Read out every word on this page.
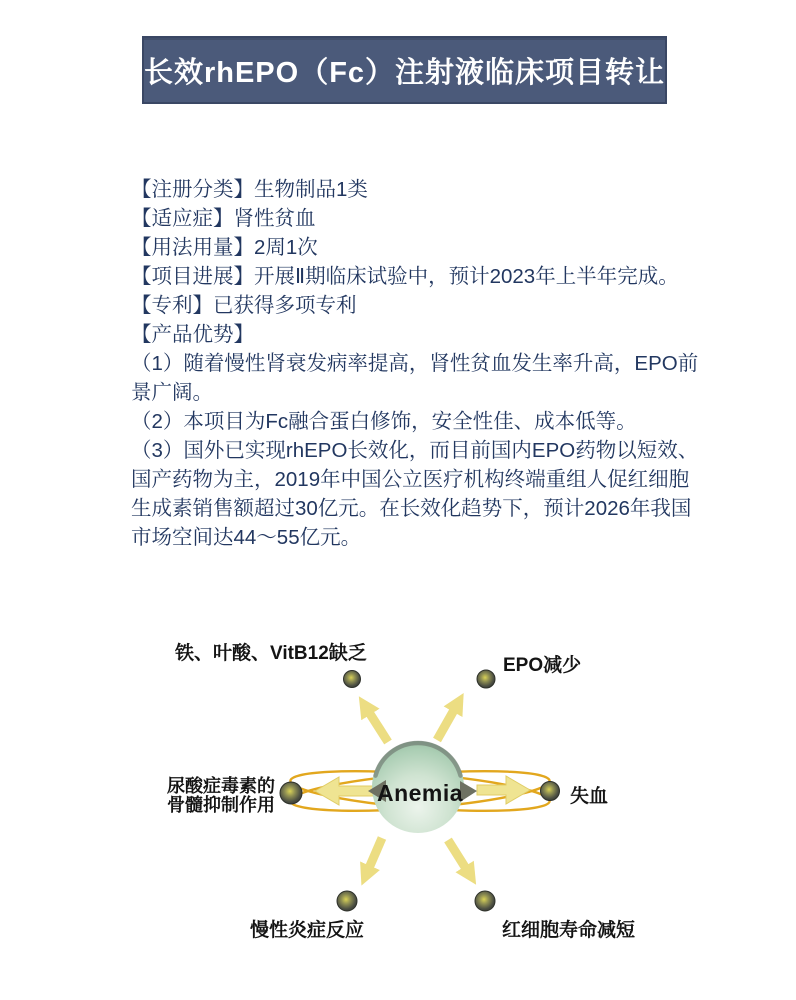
长效rhEPO（Fc）注射液临床项目转让

【注册分类】生物制品1类

【适应症】肾性贫血

【用法用量】2周1次

【项目进展】开展Ⅱ期临床试验中，预计2023年上半年完成。

【专利】已获得多项专利

【产品优势】

（1）随着慢性肾衰发病率提高，肾性贫血发生率升高，EPO前

景广阔。

（2）本项目为Fc融合蛋白修饰，安全性佳、成本低等。

（3）国外已实现rhEPO长效化，而目前国内EPO药物以短效、

国产药物为主，2019年中国公立医疗机构终端重组人促红细胞

生成素销售额超过30亿元。在长效化趋势下，预计2026年我国

市场空间达44～55亿元。

Anemia
铁、叶酸、VitB12缺乏
EPO减少
尿酸症毒素的
骨髓抑制作用	失血
慢性炎症反应	红细胞寿命减短
